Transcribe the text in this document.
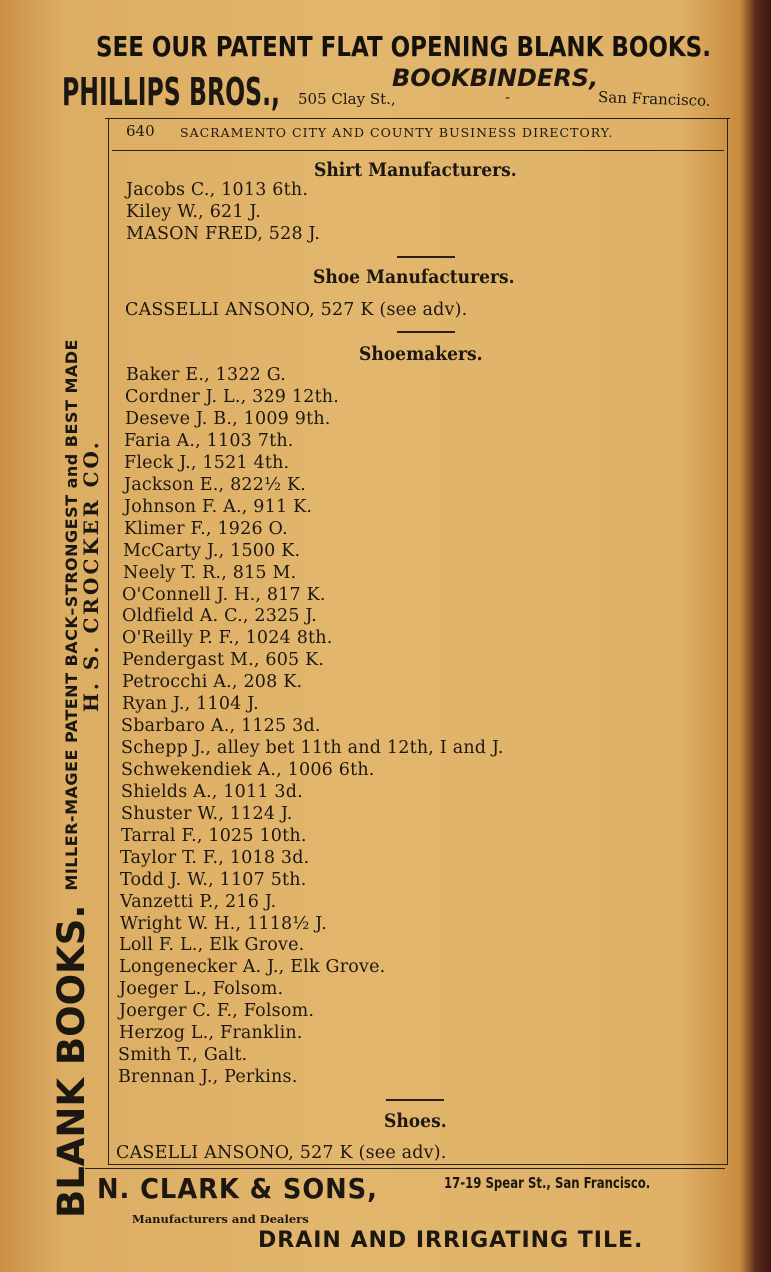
SEE OUR PATENT FLAT OPENING BLANK BOOKS.
PHILLIPS BROS.,	BOOKBINDERS,
505 Clay St.,	-	San Francisco.
BLANK BOOKS.MILLER-MAGEE PATENT BACK–STRONGEST and BEST MADE
H. S. CROCKER CO.
640 SACRAMENTO CITY AND COUNTY BUSINESS DIRECTORY.
Shirt Manufacturers.
Jacobs C., 1013 6th.
Kiley W., 621 J.
MASON FRED, 528 J.
Shoe Manufacturers.
CASSELLI ANSONO, 527 K (see adv).
Shoemakers.
Baker E., 1322 G.
Cordner J. L., 329 12th.
Deseve J. B., 1009 9th.
Faria A., 1103 7th.
Fleck J., 1521 4th.
Jackson E., 822½ K.
Johnson F. A., 911 K.
Klimer F., 1926 O.
McCarty J., 1500 K.
Neely T. R., 815 M.
O'Connell J. H., 817 K.
Oldfield A. C., 2325 J.
O'Reilly P. F., 1024 8th.
Pendergast M., 605 K.
Petrocchi A., 208 K.
Ryan J., 1104 J.
Sbarbaro A., 1125 3d.
Schepp J., alley bet 11th and 12th, I and J.
Schwekendiek A., 1006 6th.
Shields A., 1011 3d.
Shuster W., 1124 J.
Tarral F., 1025 10th.
Taylor T. F., 1018 3d.
Todd J. W., 1107 5th.
Vanzetti P., 216 J.
Wright W. H., 1118½ J.
Loll F. L., Elk Grove.
Longenecker A. J., Elk Grove.
Joeger L., Folsom.
Joerger C. F., Folsom.
Herzog L., Franklin.
Smith T., Galt.
Brennan J., Perkins.
Shoes.
CASELLI ANSONO, 527 K (see adv).
N. CLARK & SONS,	17-19 Spear St., San Francisco.
Manufacturers and Dealers
DRAIN AND IRRIGATING TILE.
